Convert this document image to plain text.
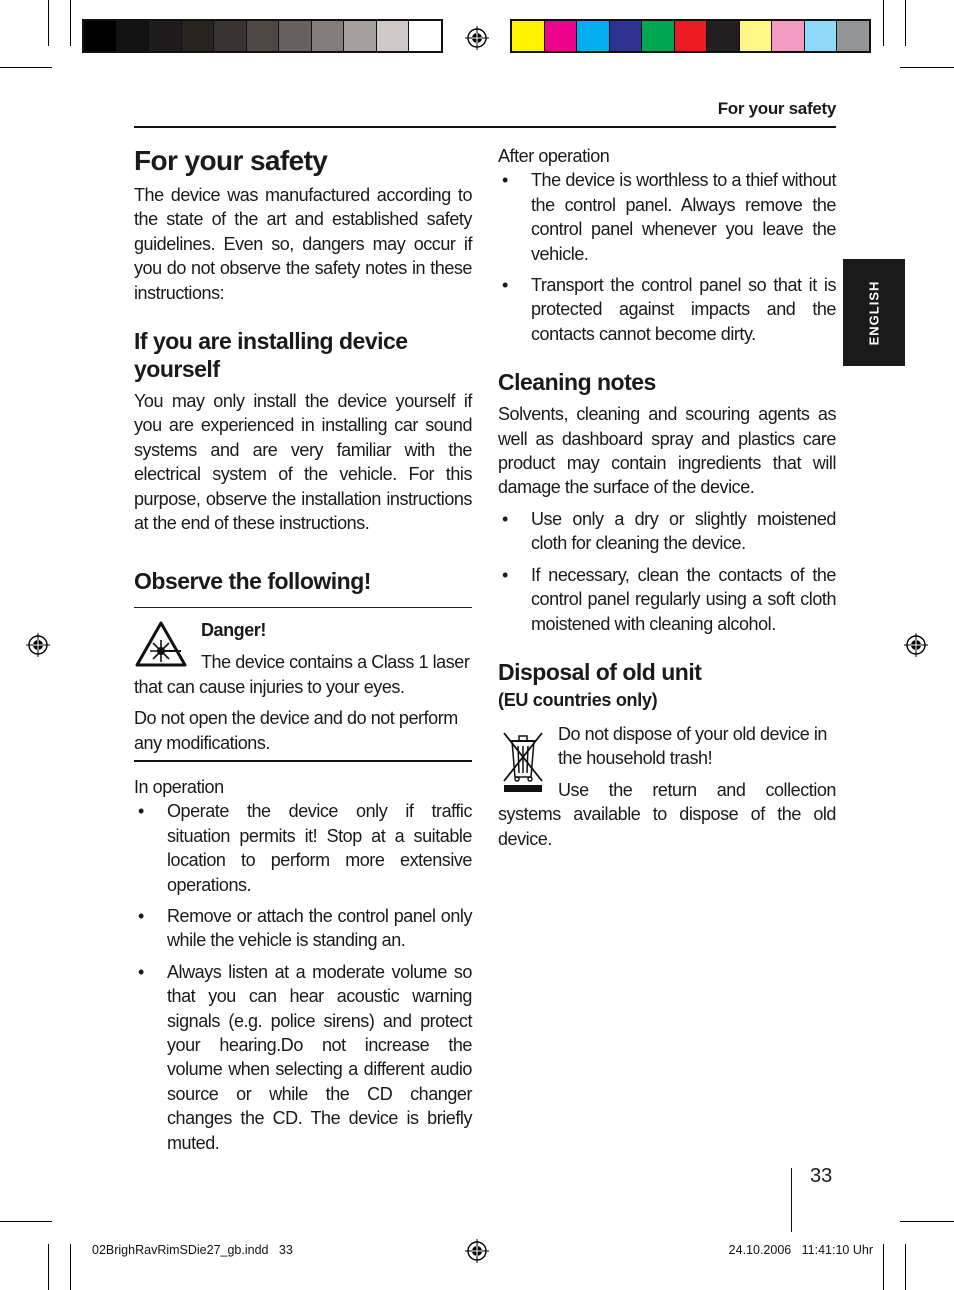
For your safety
ENGLISH
For your safety

The device was manufactured according to the state of the art and established safety guidelines. Even so, dangers may occur if you do not observe the safety notes in these instructions:

If you are installing device yourself

You may only install the device yourself if you are experienced in installing car sound systems and are very familiar with the electrical system of the vehicle. For this purpose, observe the installation instructions at the end of these instructions.

Observe the following!

Danger!

The device contains a Class 1 laser that can cause injuries to your eyes.

Do not open the device and do not perform any modifications.

In operation

• Operate the device only if traffic situation permits it! Stop at a suitable location to perform more extensive operations.
• Remove or attach the control panel only while the vehicle is standing an.
• Always listen at a moderate volume so that you can hear acoustic warning signals (e.g. police sirens) and protect your hearing.Do not increase the volume when selecting a different audio source or while the CD changer changes the CD. The device is briefly muted.

After operation

• The device is worthless to a thief without the control panel. Always remove the control panel whenever you leave the vehicle.
• Transport the control panel so that it is protected against impacts and the contacts cannot become dirty.
Cleaning notes

Solvents, cleaning and scouring agents as well as dashboard spray and plastics care product may contain ingredients that will damage the surface of the device.

• Use only a dry or slightly moistened cloth for cleaning the device.
• If necessary, clean the contacts of the control panel regularly using a soft cloth moistened with cleaning alcohol.
Disposal of old unit

(EU countries only)

Do not dispose of your old device in the household trash!

Use the return and collection systems available to dispose of the old device.

33
02BrighRavRimSDie27_gb.indd   33	24.10.2006   11:41:10 Uhr
